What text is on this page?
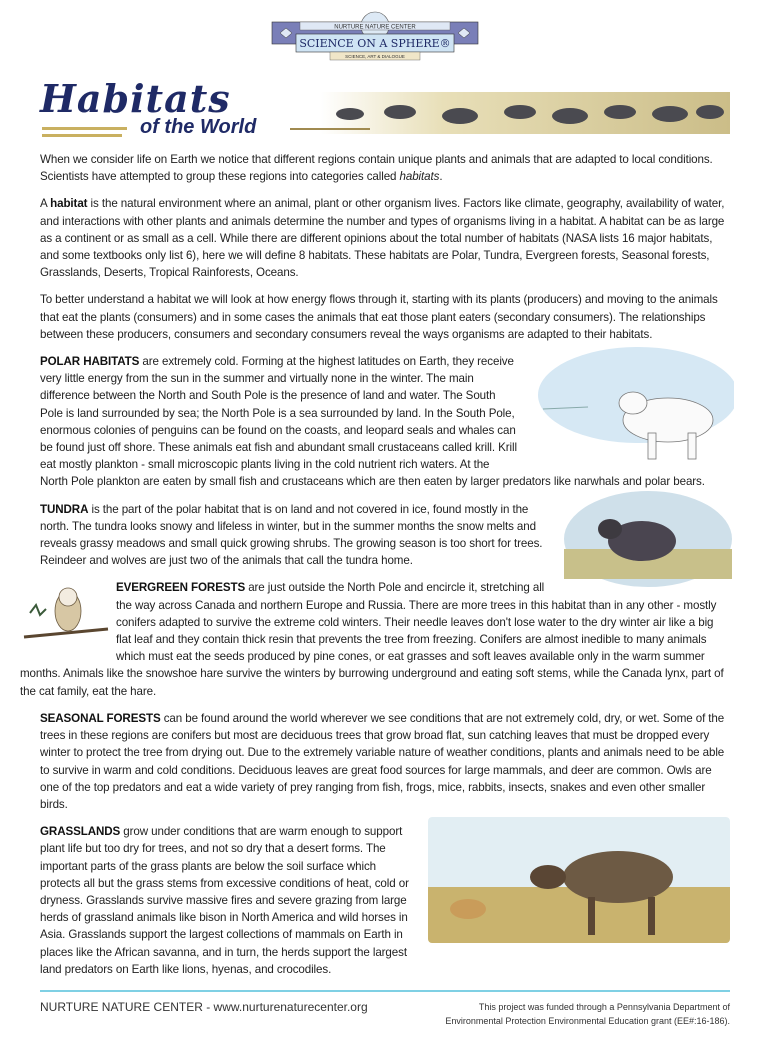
NURTURE NATURE CENTER
SCIENCE ON A SPHERE®
SCIENCE, ART & DIALOGUE
Habitats
of the World

When we consider life on Earth we notice that different regions contain unique plants and animals that are adapted to local conditions. Scientists have attempted to group these regions into categories called habitats.

A habitat is the natural environment where an animal, plant or other organism lives. Factors like climate, geography, availability of water, and interactions with other plants and animals determine the number and types of organisms living in a habitat. A habitat can be as large as a continent or as small as a cell. While there are different opinions about the total number of habitats (NASA lists 16 major habitats, and some textbooks only list 6), here we will define 8 habitats. These habitats are Polar, Tundra, Evergreen forests, Seasonal forests, Grasslands, Deserts, Tropical Rainforests, Oceans.

To better understand a habitat we will look at how energy flows through it, starting with its plants (producers) and moving to the animals that eat the plants (consumers) and in some cases the animals that eat those plant eaters (secondary consumers). The relationships between these producers, consumers and secondary consumers reveal the ways organisms are adapted to their habitats.

POLAR HABITATS are extremely cold. Forming at the highest latitudes on Earth, they receive very little energy from the sun in the summer and virtually none in the winter. The main difference between the North and South Pole is the presence of land and water. The South Pole is land surrounded by sea; the North Pole is a sea surrounded by land. In the South Pole, enormous colonies of penguins can be found on the coasts, and leopard seals and whales can be found just off shore. These animals eat fish and abundant small crustaceans called krill. Krill eat mostly plankton - small microscopic plants living in the cold nutrient rich waters. At the North Pole plankton are eaten by small fish and crustaceans which are then eaten by larger predators like narwhals and polar bears.
TUNDRA is the part of the polar habitat that is on land and not covered in ice, found mostly in the north. The tundra looks snowy and lifeless in winter, but in the summer months the snow melts and reveals grassy meadows and small quick growing shrubs. The growing season is too short for trees. Reindeer and wolves are just two of the animals that call the tundra home.
EVERGREEN FORESTS are just outside the North Pole and encircle it, stretching all the way across Canada and northern Europe and Russia. There are more trees in this habitat than in any other - mostly conifers adapted to survive the extreme cold winters. Their needle leaves don't lose water to the dry winter air like a big flat leaf and they contain thick resin that prevents the tree from freezing. Conifers are almost inedible to many animals which must eat the seeds produced by pine cones, or eat grasses and soft leaves available only in the warm summer months. Animals like the snowshoe hare survive the winters by burrowing underground and eating soft stems, while the Canada lynx, part of the cat family, eat the hare.

SEASONAL FORESTS can be found around the world wherever we see conditions that are not extremely cold, dry, or wet. Some of the trees in these regions are conifers but most are deciduous trees that grow broad flat, sun catching leaves that must be dropped every winter to protect the tree from drying out. Due to the extremely variable nature of weather conditions, plants and animals need to be able to survive in warm and cold conditions. Deciduous leaves are great food sources for large mammals, and deer are common. Owls are one of the top predators and eat a wide variety of prey ranging from fish, frogs, mice, rabbits, insects, snakes and even other smaller birds.

GRASSLANDS grow under conditions that are warm enough to support plant life but too dry for trees, and not so dry that a desert forms. The important parts of the grass plants are below the soil surface which protects all but the grass stems from excessive conditions of heat, cold or dryness. Grasslands survive massive fires and severe grazing from large herds of grassland animals like bison in North America and wild horses in Asia. Grasslands support the largest collections of mammals on Earth in places like the African savanna, and in turn, the herds support the largest land predators on Earth like lions, hyenas, and crocodiles.
NURTURE NATURE CENTER - www.nurturenaturecenter.org	This project was funded through a Pennsylvania Department of
Environmental Protection Environmental Education grant (EE#:16-186).
